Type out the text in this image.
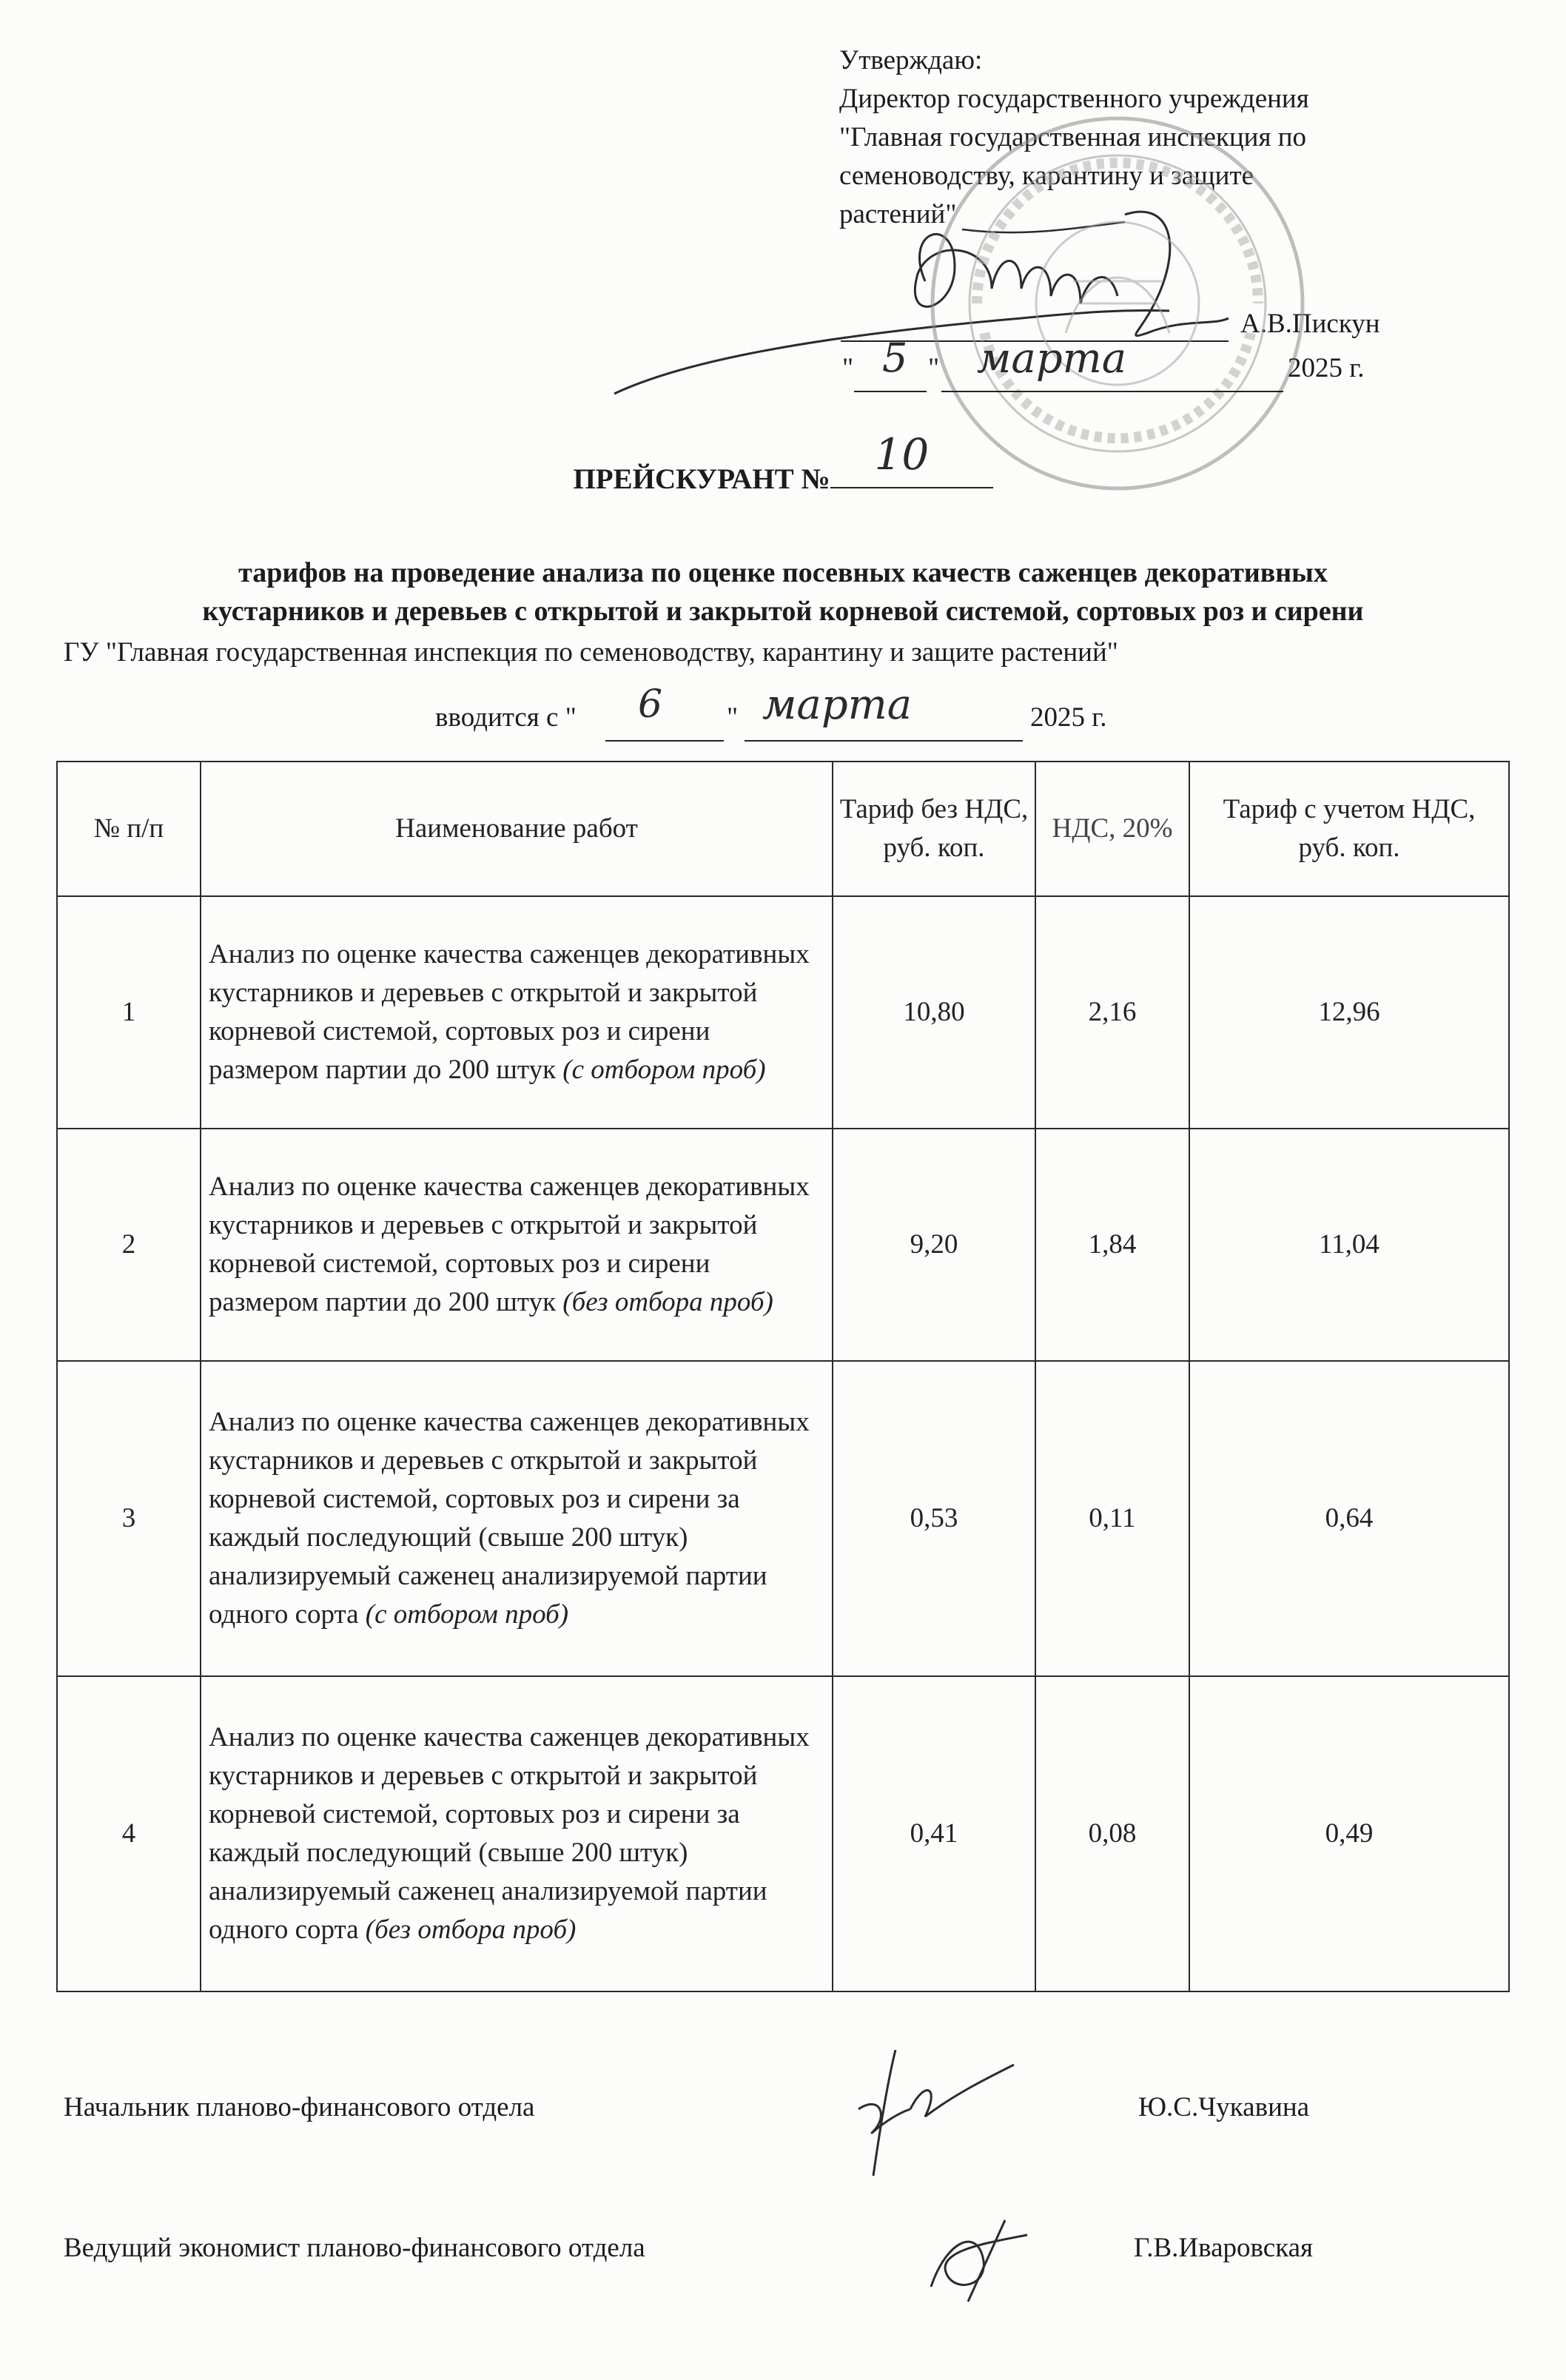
Утверждаю:
Директор государственного учреждения
"Главная государственная инспекция по
семеноводству, карантину и защите
растений"
А.В.Пискун
" 5 " марта	2025 г.
ПРЕЙСКУРАНТ № 10
тарифов на проведение анализа по оценке посевных качеств саженцев декоративных
кустарников и деревьев с открытой и закрытой корневой системой, сортовых роз и сирени
ГУ "Главная государственная инспекция по семеноводству, карантину и защите растений"
вводится с " 6 " марта	2025 г.
№ п/п	Наименование работ	Тариф без НДС, руб. коп.	НДС, 20%	Тариф с учетом НДС, руб. коп.
1	Анализ по оценке качества саженцев декоративных кустарников и деревьев с открытой и закрытой корневой системой, сортовых роз и сирени размером партии до 200 штук (с отбором проб)	10,80	2,16	12,96
2	Анализ по оценке качества саженцев декоративных кустарников и деревьев с открытой и закрытой корневой системой, сортовых роз и сирени размером партии до 200 штук (без отбора проб)	9,20	1,84	11,04
3	Анализ по оценке качества саженцев декоративных кустарников и деревьев с открытой и закрытой корневой системой, сортовых роз и сирени за каждый последующий (свыше 200 штук) анализируемый саженец анализируемой партии одного сорта (с отбором проб)	0,53	0,11	0,64
4	Анализ по оценке качества саженцев декоративных кустарников и деревьев с открытой и закрытой корневой системой, сортовых роз и сирени за каждый последующий (свыше 200 штук) анализируемый саженец анализируемой партии одного сорта (без отбора проб)	0,41	0,08	0,49
Начальник планово-финансового отдела	Ю.С.Чукавина
Ведущий экономист планово-финансового отдела	Г.В.Иваровская
